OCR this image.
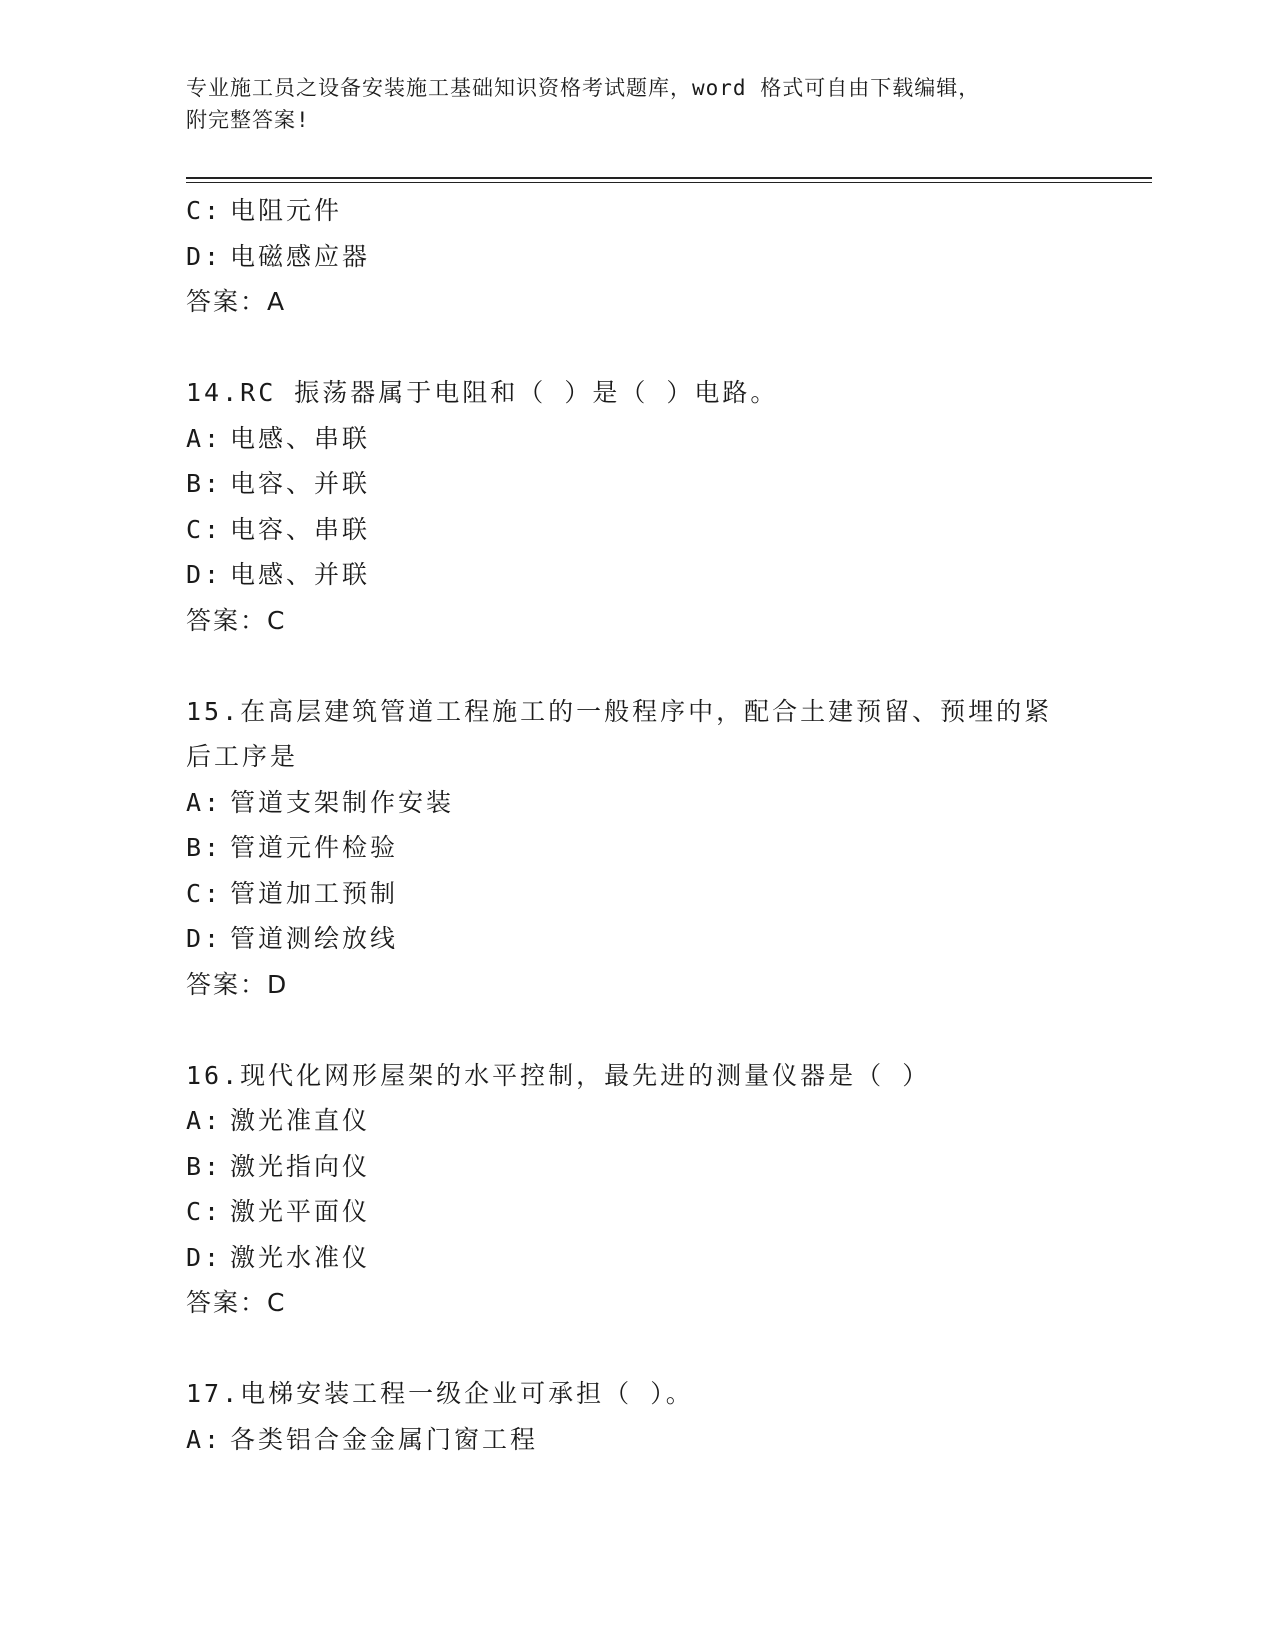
专业施工员之设备安装施工基础知识资格考试题库，word 格式可自由下载编辑，
附完整答案!
C: 电阻元件
D: 电磁感应器
答案：A
14.RC 振荡器属于电阻和（ ）是（ ）电路。
A: 电感、串联
B: 电容、并联
C: 电容、串联
D: 电感、并联
答案：C
15.在高层建筑管道工程施工的一般程序中，配合土建预留、预埋的紧
后工序是
A: 管道支架制作安装
B: 管道元件检验
C: 管道加工预制
D: 管道测绘放线
答案：D
16.现代化网形屋架的水平控制，最先进的测量仪器是（ ）
A: 激光准直仪
B: 激光指向仪
C: 激光平面仪
D: 激光水准仪
答案：C
17.电梯安装工程一级企业可承担（ ）。
A: 各类铝合金金属门窗工程
